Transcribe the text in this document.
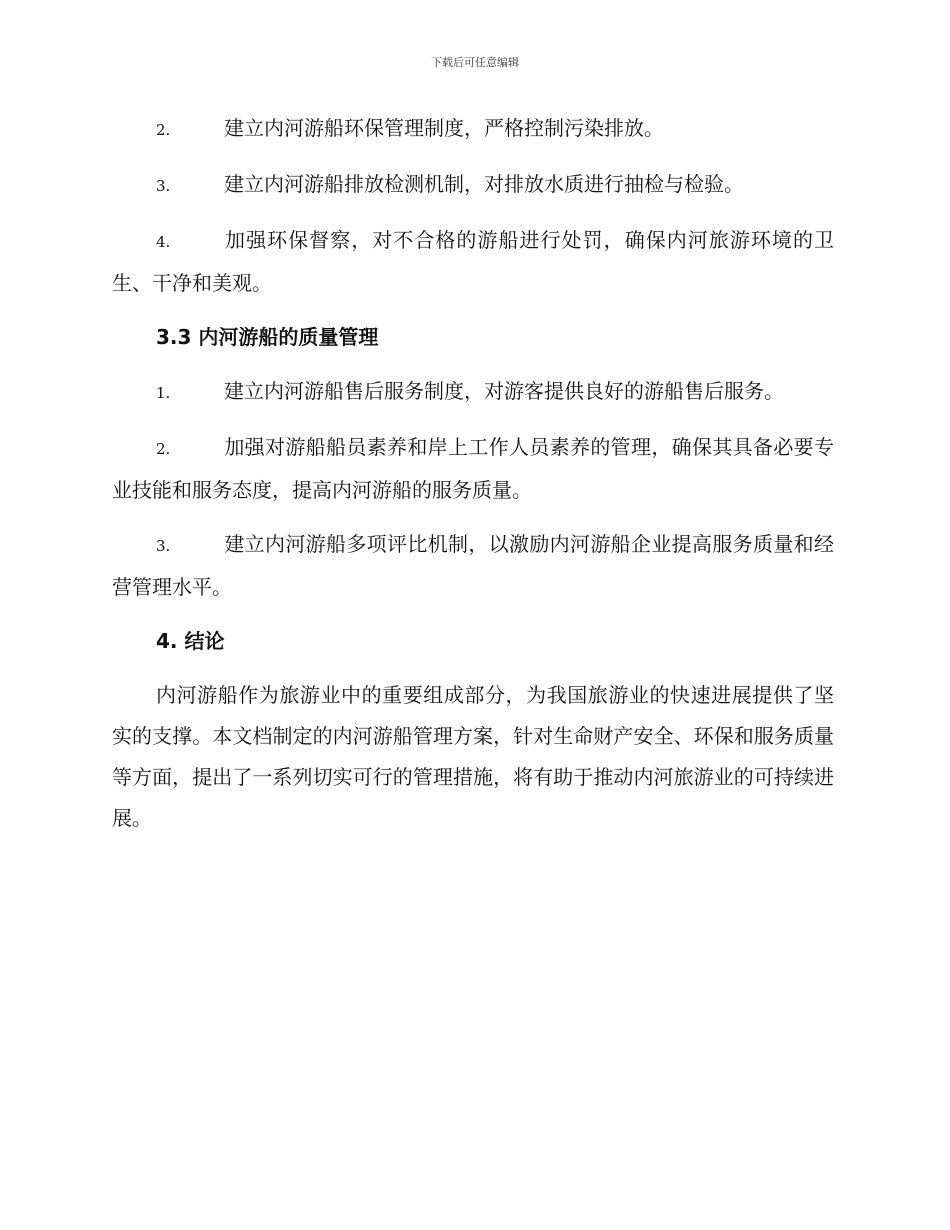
下载后可任意编辑

2.	建立内河游船环保管理制度，严格控制污染排放。

3.	建立内河游船排放检测机制，对排放水质进行抽检与检验。

4.	加强环保督察，对不合格的游船进行处罚，确保内河旅游环境的卫生、干净和美观。

3.3 内河游船的质量管理

1.	建立内河游船售后服务制度，对游客提供良好的游船售后服务。

2.	加强对游船船员素养和岸上工作人员素养的管理，确保其具备必要专业技能和服务态度，提高内河游船的服务质量。

3.	建立内河游船多项评比机制，以激励内河游船企业提高服务质量和经营管理水平。

4. 结论

内河游船作为旅游业中的重要组成部分，为我国旅游业的快速进展提供了坚实的支撑。本文档制定的内河游船管理方案，针对生命财产安全、环保和服务质量等方面，提出了一系列切实可行的管理措施，将有助于推动内河旅游业的可持续进展。
